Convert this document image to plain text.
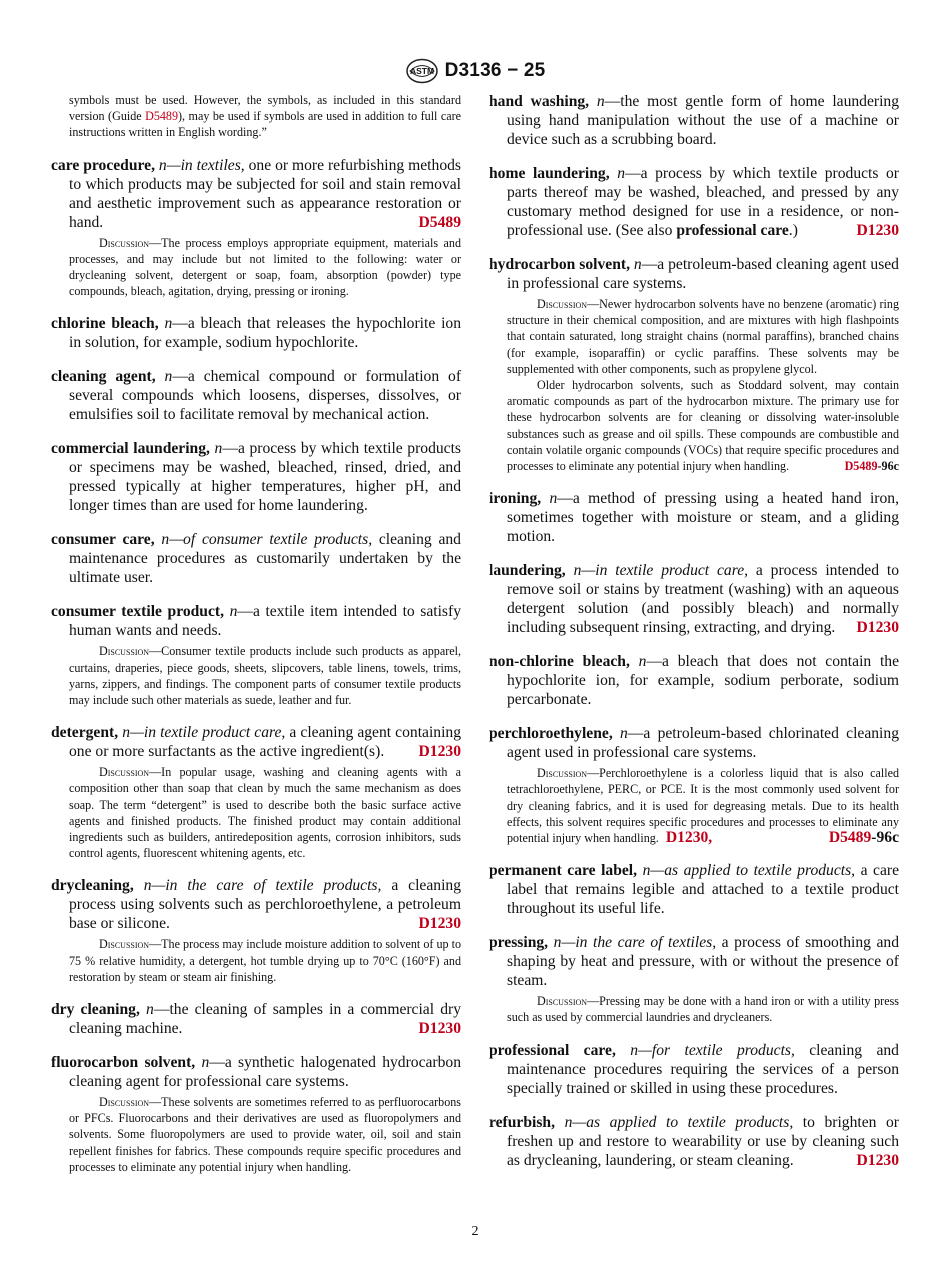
ASTM D3136 − 25

symbols must be used. However, the symbols, as included in this standard version (Guide D5489), may be used if symbols are used in addition to full care instructions written in English wording.”

care procedure, n—in textiles, one or more refurbishing methods to which products may be subjected for soil and stain removal and aesthetic improvement such as appearance restoration or hand.	D5489

Discussion—The process employs appropriate equipment, materials and processes, and may include but not limited to the following: water or drycleaning solvent, detergent or soap, foam, absorption (powder) type compounds, bleach, agitation, drying, pressing or ironing.

chlorine bleach, n—a bleach that releases the hypochlorite ion in solution, for example, sodium hypochlorite.
cleaning agent, n—a chemical compound or formulation of several compounds which loosens, disperses, dissolves, or emulsifies soil to facilitate removal by mechanical action.
commercial laundering, n—a process by which textile products or specimens may be washed, bleached, rinsed, dried, and pressed typically at higher temperatures, higher pH, and longer times than are used for home laundering.
consumer care, n—of consumer textile products, cleaning and maintenance procedures as customarily undertaken by the ultimate user.
consumer textile product, n—a textile item intended to satisfy human wants and needs.

Discussion—Consumer textile products include such products as apparel, curtains, draperies, piece goods, sheets, slipcovers, table linens, towels, trims, yarns, zippers, and findings. The component parts of consumer textile products may include such other materials as suede, leather and fur.

detergent, n—in textile product care, a cleaning agent containing one or more surfactants as the active ingredient(s). D1230

Discussion—In popular usage, washing and cleaning agents with a composition other than soap that clean by much the same mechanism as does soap. The term “detergent” is used to describe both the basic surface active agents and finished products. The finished product may contain additional ingredients such as builders, antiredeposition agents, corrosion inhibitors, suds control agents, fluorescent whitening agents, etc.

drycleaning, n—in the care of textile products, a cleaning process using solvents such as perchloroethylene, a petroleum base or silicone.	D1230

Discussion—The process may include moisture addition to solvent of up to 75 % relative humidity, a detergent, hot tumble drying up to 70°C (160°F) and restoration by steam or steam air finishing.

dry cleaning, n—the cleaning of samples in a commercial dry cleaning machine.	D1230
fluorocarbon solvent, n—a synthetic halogenated hydrocarbon cleaning agent for professional care systems.

Discussion—These solvents are sometimes referred to as perfluorocarbons or PFCs. Fluorocarbons and their derivatives are used as fluoropolymers and solvents. Some fluoropolymers are used to provide water, oil, soil and stain repellent finishes for fabrics. These compounds require specific procedures and processes to eliminate any potential injury when handling.

hand washing, n—the most gentle form of home laundering using hand manipulation without the use of a machine or device such as a scrubbing board.
home laundering, n—a process by which textile products or parts thereof may be washed, bleached, and pressed by any customary method designed for use in a residence, or non-professional use. (See also professional care.)	D1230
hydrocarbon solvent, n—a petroleum-based cleaning agent used in professional care systems.

Discussion—Newer hydrocarbon solvents have no benzene (aromatic) ring structure in their chemical composition, and are mixtures with high flashpoints that contain saturated, long straight chains (normal paraffins), branched chains (for example, isoparaffin) or cyclic paraffins. These solvents may be supplemented with other components, such as propylene glycol.

Older hydrocarbon solvents, such as Stoddard solvent, may contain aromatic compounds as part of the hydrocarbon mixture. The primary use for these hydrocarbon solvents are for cleaning or dissolving water-insoluble substances such as grease and oil spills. These compounds are combustible and contain volatile organic compounds (VOCs) that require specific procedures and processes to eliminate any potential injury when handling.	D5489-96c

ironing, n—a method of pressing using a heated hand iron, sometimes together with moisture or steam, and a gliding motion.
laundering, n—in textile product care, a process intended to remove soil or stains by treatment (washing) with an aqueous detergent solution (and possibly bleach) and normally including subsequent rinsing, extracting, and drying. D1230
non-chlorine bleach, n—a bleach that does not contain the hypochlorite ion, for example, sodium perborate, sodium percarbonate.
perchloroethylene, n—a petroleum-based chlorinated cleaning agent used in professional care systems.

Discussion—Perchloroethylene is a colorless liquid that is also called tetrachloroethylene, PERC, or PCE. It is the most commonly used solvent for dry cleaning fabrics, and it is used for degreasing metals. Due to its health effects, this solvent requires specific procedures and processes to eliminate any potential injury when handling. D1230,	D5489-96c

permanent care label, n—as applied to textile products, a care label that remains legible and attached to a textile product throughout its useful life.
pressing, n—in the care of textiles, a process of smoothing and shaping by heat and pressure, with or without the presence of steam.

Discussion—Pressing may be done with a hand iron or with a utility press such as used by commercial laundries and drycleaners.

professional care, n—for textile products, cleaning and maintenance procedures requiring the services of a person specially trained or skilled in using these procedures.
refurbish, n—as applied to textile products, to brighten or freshen up and restore to wearability or use by cleaning such as drycleaning, laundering, or steam cleaning.	D1230
2
